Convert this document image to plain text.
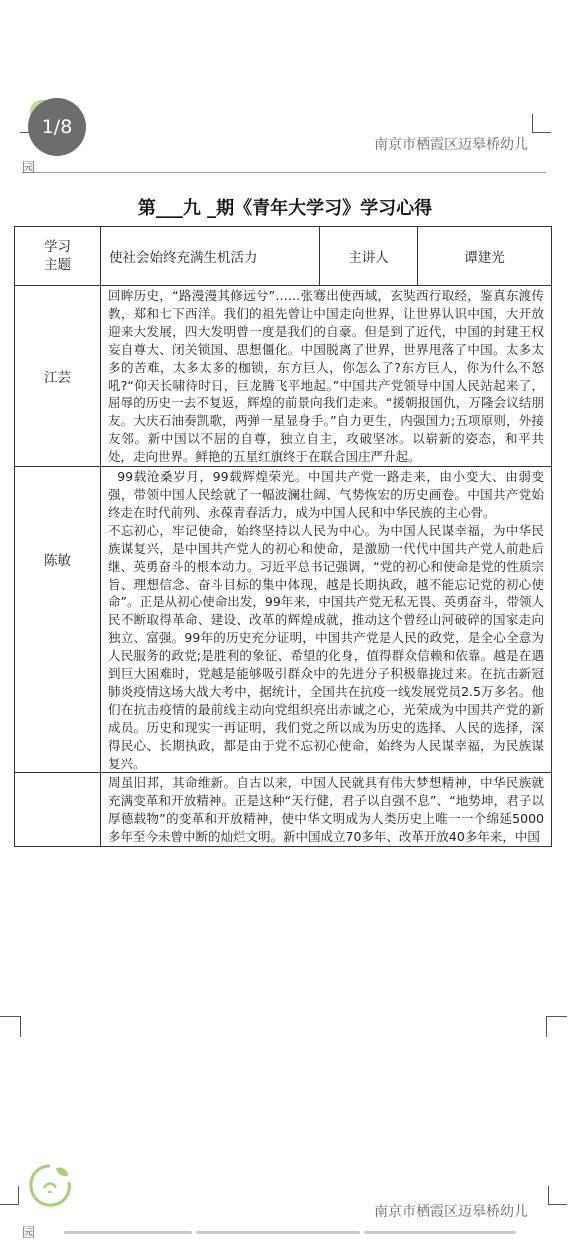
1/8
南京市栖霞区迈皋桥幼儿
园
第___九 _期《青年大学习》学习心得
学习
主题	使社会始终充满生机活力	主讲人	谭建光
江芸	回眸历史，“路漫漫其修远兮”……张骞出使西域，玄奘西行取经，鉴真东渡传教，郑和七下西洋。我们的祖先曾让中国走向世界，让世界认识中国，大开放迎来大发展，四大发明曾一度是我们的自豪。但是到了近代，中国的封建王权妄自尊大、闭关锁国、思想僵化。中国脱离了世界，世界甩落了中国。太多太多的苦难，太多太多的枷锁，东方巨人，你怎么了?东方巨人，你为什么不怒吼?“仰天长啸待时日，巨龙腾飞平地起。”中国共产党领导中国人民站起来了，屈辱的历史一去不复返，辉煌的前景向我们走来。“援朝报国仇，万隆会议结朋友。大庆石油奏凯歌，两弹一星显身手。”自力更生，内强国力;五项原则，外接友邻。新中国以不屈的自尊，独立自主，攻破坚冰。以崭新的姿态，和平共处，走向世界。鲜艳的五星红旗终于在联合国庄严升起。		

陈敏	99载沧桑岁月，99载辉煌荣光。中国共产党一路走来，由小变大、由弱变强，带领中国人民绘就了一幅波澜壮阔、气势恢宏的历史画卷。中国共产党始终走在时代前列、永葆青春活力，成为中国人民和中华民族的主心骨。

不忘初心，牢记使命，始终坚持以人民为中心。为中国人民谋幸福，为中华民族谋复兴，是中国共产党人的初心和使命，是激励一代代中国共产党人前赴后继、英勇奋斗的根本动力。习近平总书记强调，“党的初心和使命是党的性质宗旨、理想信念、奋斗目标的集中体现，越是长期执政，越不能忘记党的初心使命”。正是从初心使命出发，99年来，中国共产党无私无畏、英勇奋斗，带领人民不断取得革命、建设、改革的辉煌成就，推动这个曾经山河破碎的国家走向独立、富强。99年的历史充分证明，中国共产党是人民的政党，是全心全意为人民服务的政党;是胜利的象征、希望的化身，值得群众信赖和依靠。越是在遇到巨大困难时，党越是能够吸引群众中的先进分子积极靠拢过来。在抗击新冠肺炎疫情这场大战大考中，据统计，全国共在抗疫一线发展党员2.5万多名。他们在抗击疫情的最前线主动向党组织亮出赤诚之心，光荣成为中国共产党的新成员。历史和现实一再证明，我们党之所以成为历史的选择、人民的选择，深得民心、长期执政，都是由于党不忘初心使命，始终为人民谋幸福，为民族谋复兴。		

	周虽旧邦，其命维新。自古以来，中国人民就具有伟大梦想精神，中华民族就充满变革和开放精神。正是这种“天行健，君子以自强不息”、“地势坤，君子以厚德载物”的变革和开放精神，使中华文明成为人类历史上唯一一个绵延5000多年至今未曾中断的灿烂文明。新中国成立70多年、改革开放40多年来，中国		

南京市栖霞区迈皋桥幼儿
园
